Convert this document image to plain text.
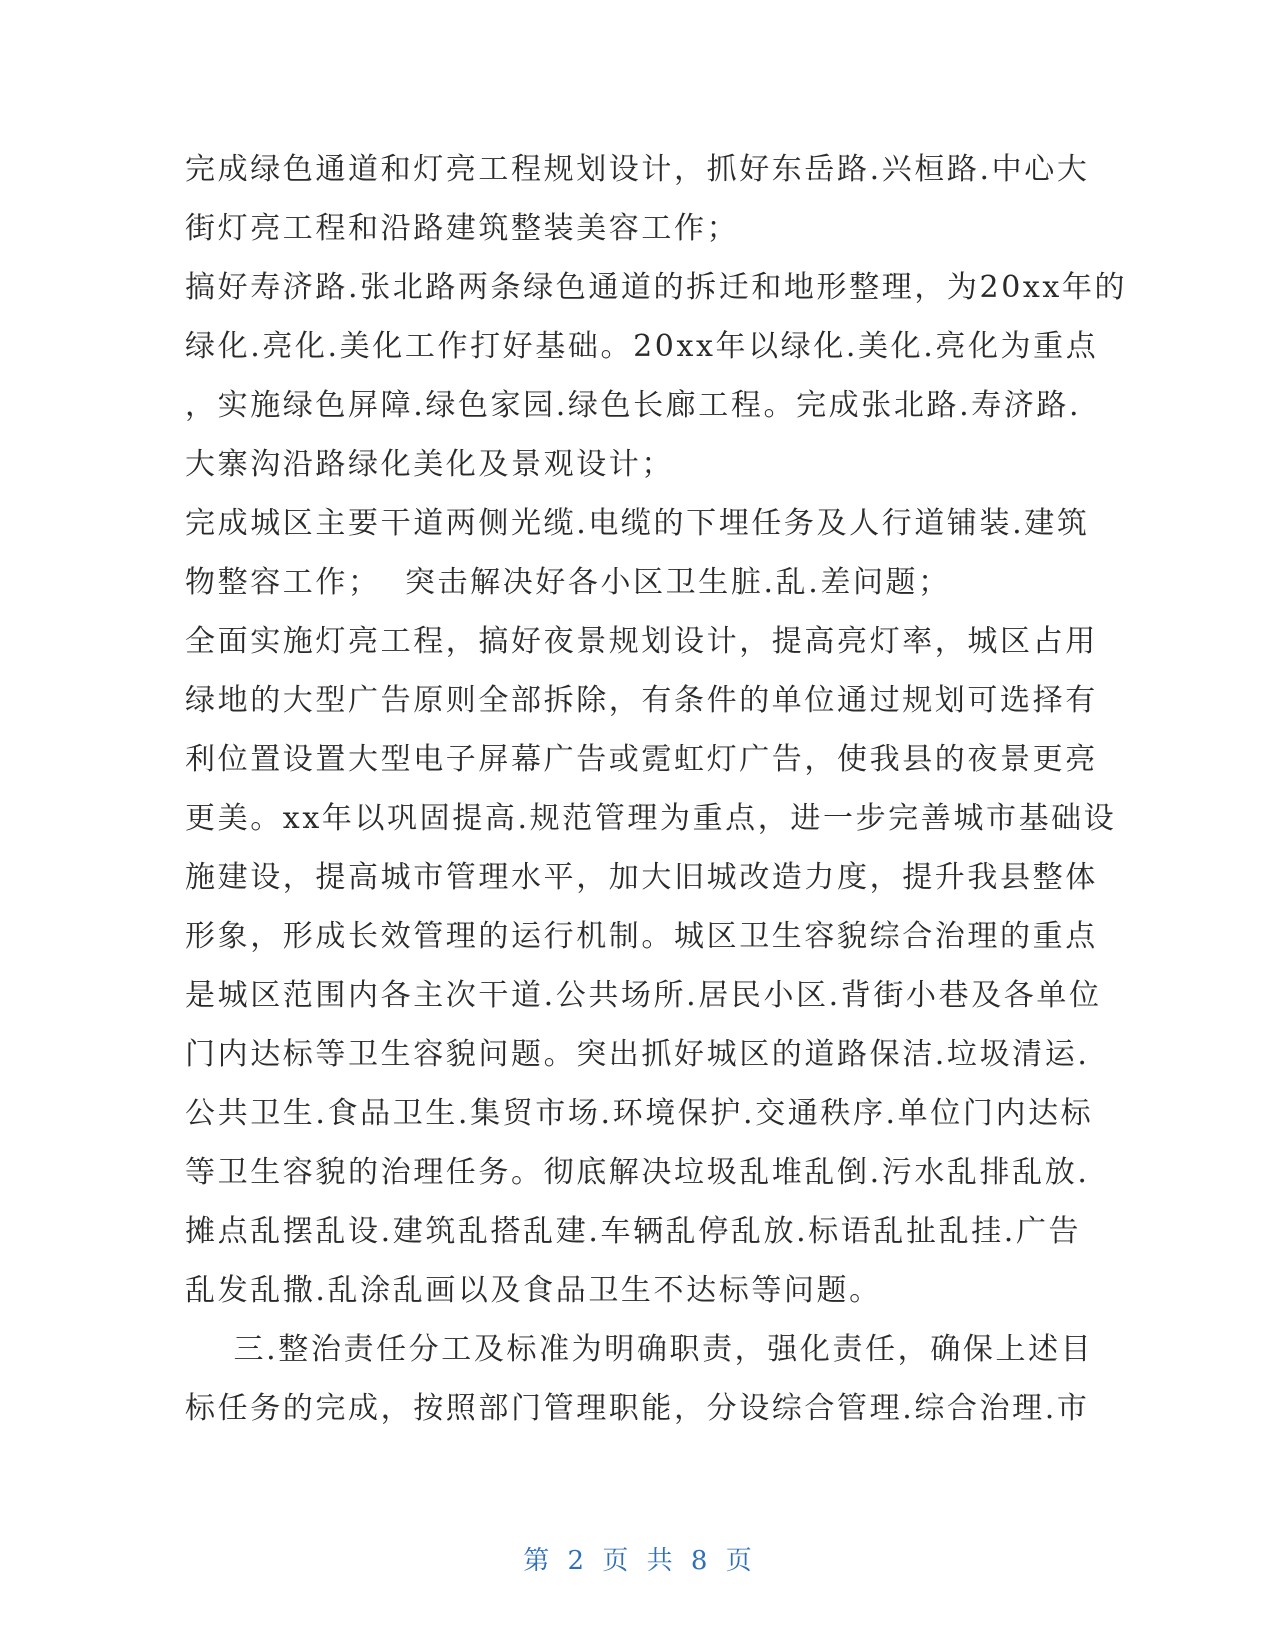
完成绿色通道和灯亮工程规划设计，抓好东岳路.兴桓路.中心大
街灯亮工程和沿路建筑整装美容工作；
搞好寿济路.张北路两条绿色通道的拆迁和地形整理，为20xx年的
绿化.亮化.美化工作打好基础。20xx年以绿化.美化.亮化为重点
，实施绿色屏障.绿色家园.绿色长廊工程。完成张北路.寿济路.
大寨沟沿路绿化美化及景观设计；
完成城区主要干道两侧光缆.电缆的下埋任务及人行道铺装.建筑
物整容工作；  突击解决好各小区卫生脏.乱.差问题；
全面实施灯亮工程，搞好夜景规划设计，提高亮灯率，城区占用
绿地的大型广告原则全部拆除，有条件的单位通过规划可选择有
利位置设置大型电子屏幕广告或霓虹灯广告，使我县的夜景更亮
更美。xx年以巩固提高.规范管理为重点，进一步完善城市基础设
施建设，提高城市管理水平，加大旧城改造力度，提升我县整体
形象，形成长效管理的运行机制。城区卫生容貌综合治理的重点
是城区范围内各主次干道.公共场所.居民小区.背街小巷及各单位
门内达标等卫生容貌问题。突出抓好城区的道路保洁.垃圾清运.
公共卫生.食品卫生.集贸市场.环境保护.交通秩序.单位门内达标
等卫生容貌的治理任务。彻底解决垃圾乱堆乱倒.污水乱排乱放.
摊点乱摆乱设.建筑乱搭乱建.车辆乱停乱放.标语乱扯乱挂.广告
乱发乱撒.乱涂乱画以及食品卫生不达标等问题。
三.整治责任分工及标准为明确职责，强化责任，确保上述目
标任务的完成，按照部门管理职能，分设综合管理.综合治理.市
第 2 页 共 8 页
